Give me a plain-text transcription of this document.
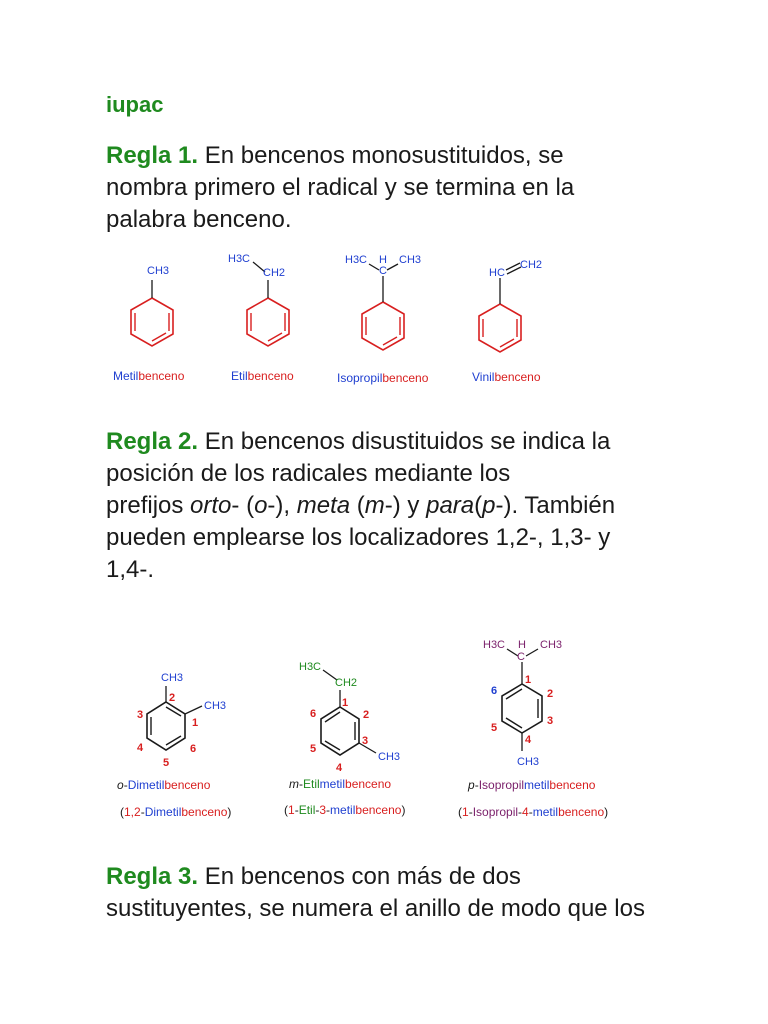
iupac

Regla 1. En bencenos monosustituidos, se
nombra primero el radical y se termina en la
palabra benceno.

Regla 2. En bencenos disustituidos se indica la
posición de los radicales mediante los
prefijos orto- (o-), meta (m-) y para(p-). También
pueden emplearse los localizadores 1,2-, 1,3- y
1,4-.

Regla 3. En bencenos con más de dos
sustituyentes, se numera el anillo de modo que los

CH3
Metilbenceno
H3C
CH2
Etilbenceno
H3C H CH3
C
Isopropilbenceno
HC
CH2
Vinilbenceno
CH3
CH3
1
2
3
4
5
6
o-Dimetilbenceno
(1,2-Dimetilbenceno)
H3C
CH2
CH3
1
2
3
4
5
6
m-Etilmetilbenceno
(1-Etil-3-metilbenceno)
H3C H CH3
C
CH3
1
2
3
4
5
6
p-Isopropilmetilbenceno
(1-Isopropil-4-metilbenceno)
